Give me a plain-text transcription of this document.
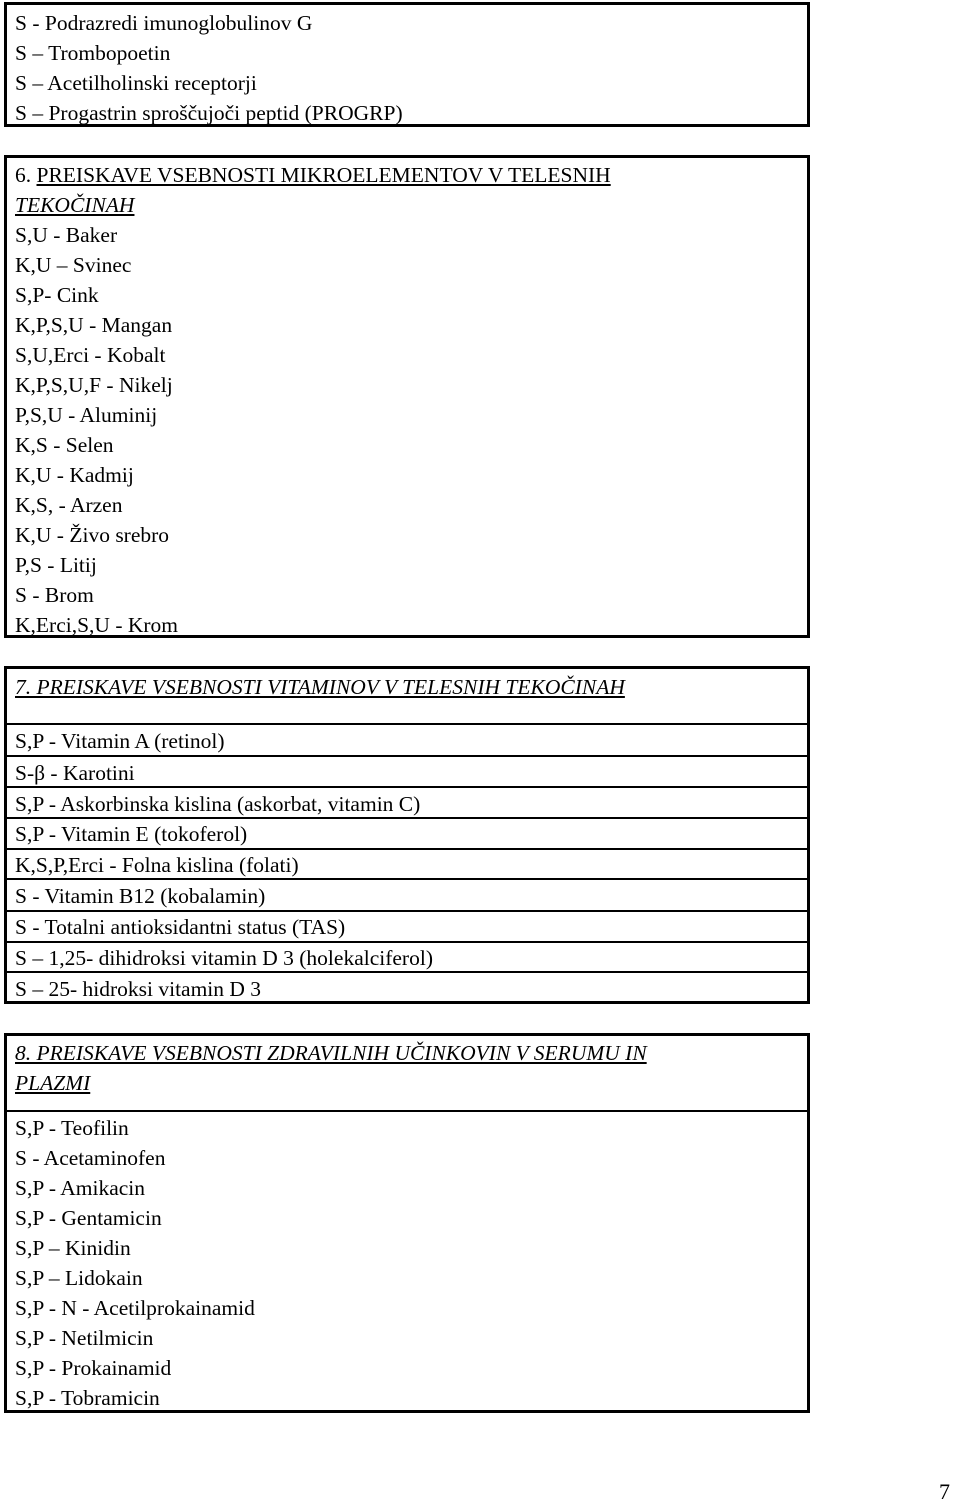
S - Podrazredi imunoglobulinov G
S – Trombopoetin
S – Acetilholinski receptorji
S – Progastrin sproščujoči peptid (PROGRP)
6. PREISKAVE VSEBNOSTI MIKROELEMENTOV V TELESNIH
TEKOČINAH
S,U - Baker
K,U – Svinec
S,P- Cink
K,P,S,U - Mangan
S,U,Erci - Kobalt
K,P,S,U,F - Nikelj
P,S,U - Aluminij
K,S - Selen
K,U - Kadmij
K,S, - Arzen
K,U - Živo srebro
P,S - Litij
S - Brom
K,Erci,S,U - Krom
7. PREISKAVE VSEBNOSTI VITAMINOV V TELESNIH TEKOČINAH
S,P - Vitamin A (retinol)
S-β - Karotini
S,P - Askorbinska kislina (askorbat, vitamin C)
S,P - Vitamin E (tokoferol)
K,S,P,Erci - Folna kislina (folati)
S - Vitamin B12 (kobalamin)
S - Totalni antioksidantni status (TAS)
S – 1,25- dihidroksi vitamin D 3 (holekalciferol)
S – 25- hidroksi vitamin D 3
8. PREISKAVE VSEBNOSTI ZDRAVILNIH UČINKOVIN V SERUMU IN
PLAZMI
S,P - Teofilin
S - Acetaminofen
S,P - Amikacin
S,P - Gentamicin
S,P – Kinidin
S,P – Lidokain
S,P - N - Acetilprokainamid
S,P - Netilmicin
S,P - Prokainamid
S,P - Tobramicin
7
